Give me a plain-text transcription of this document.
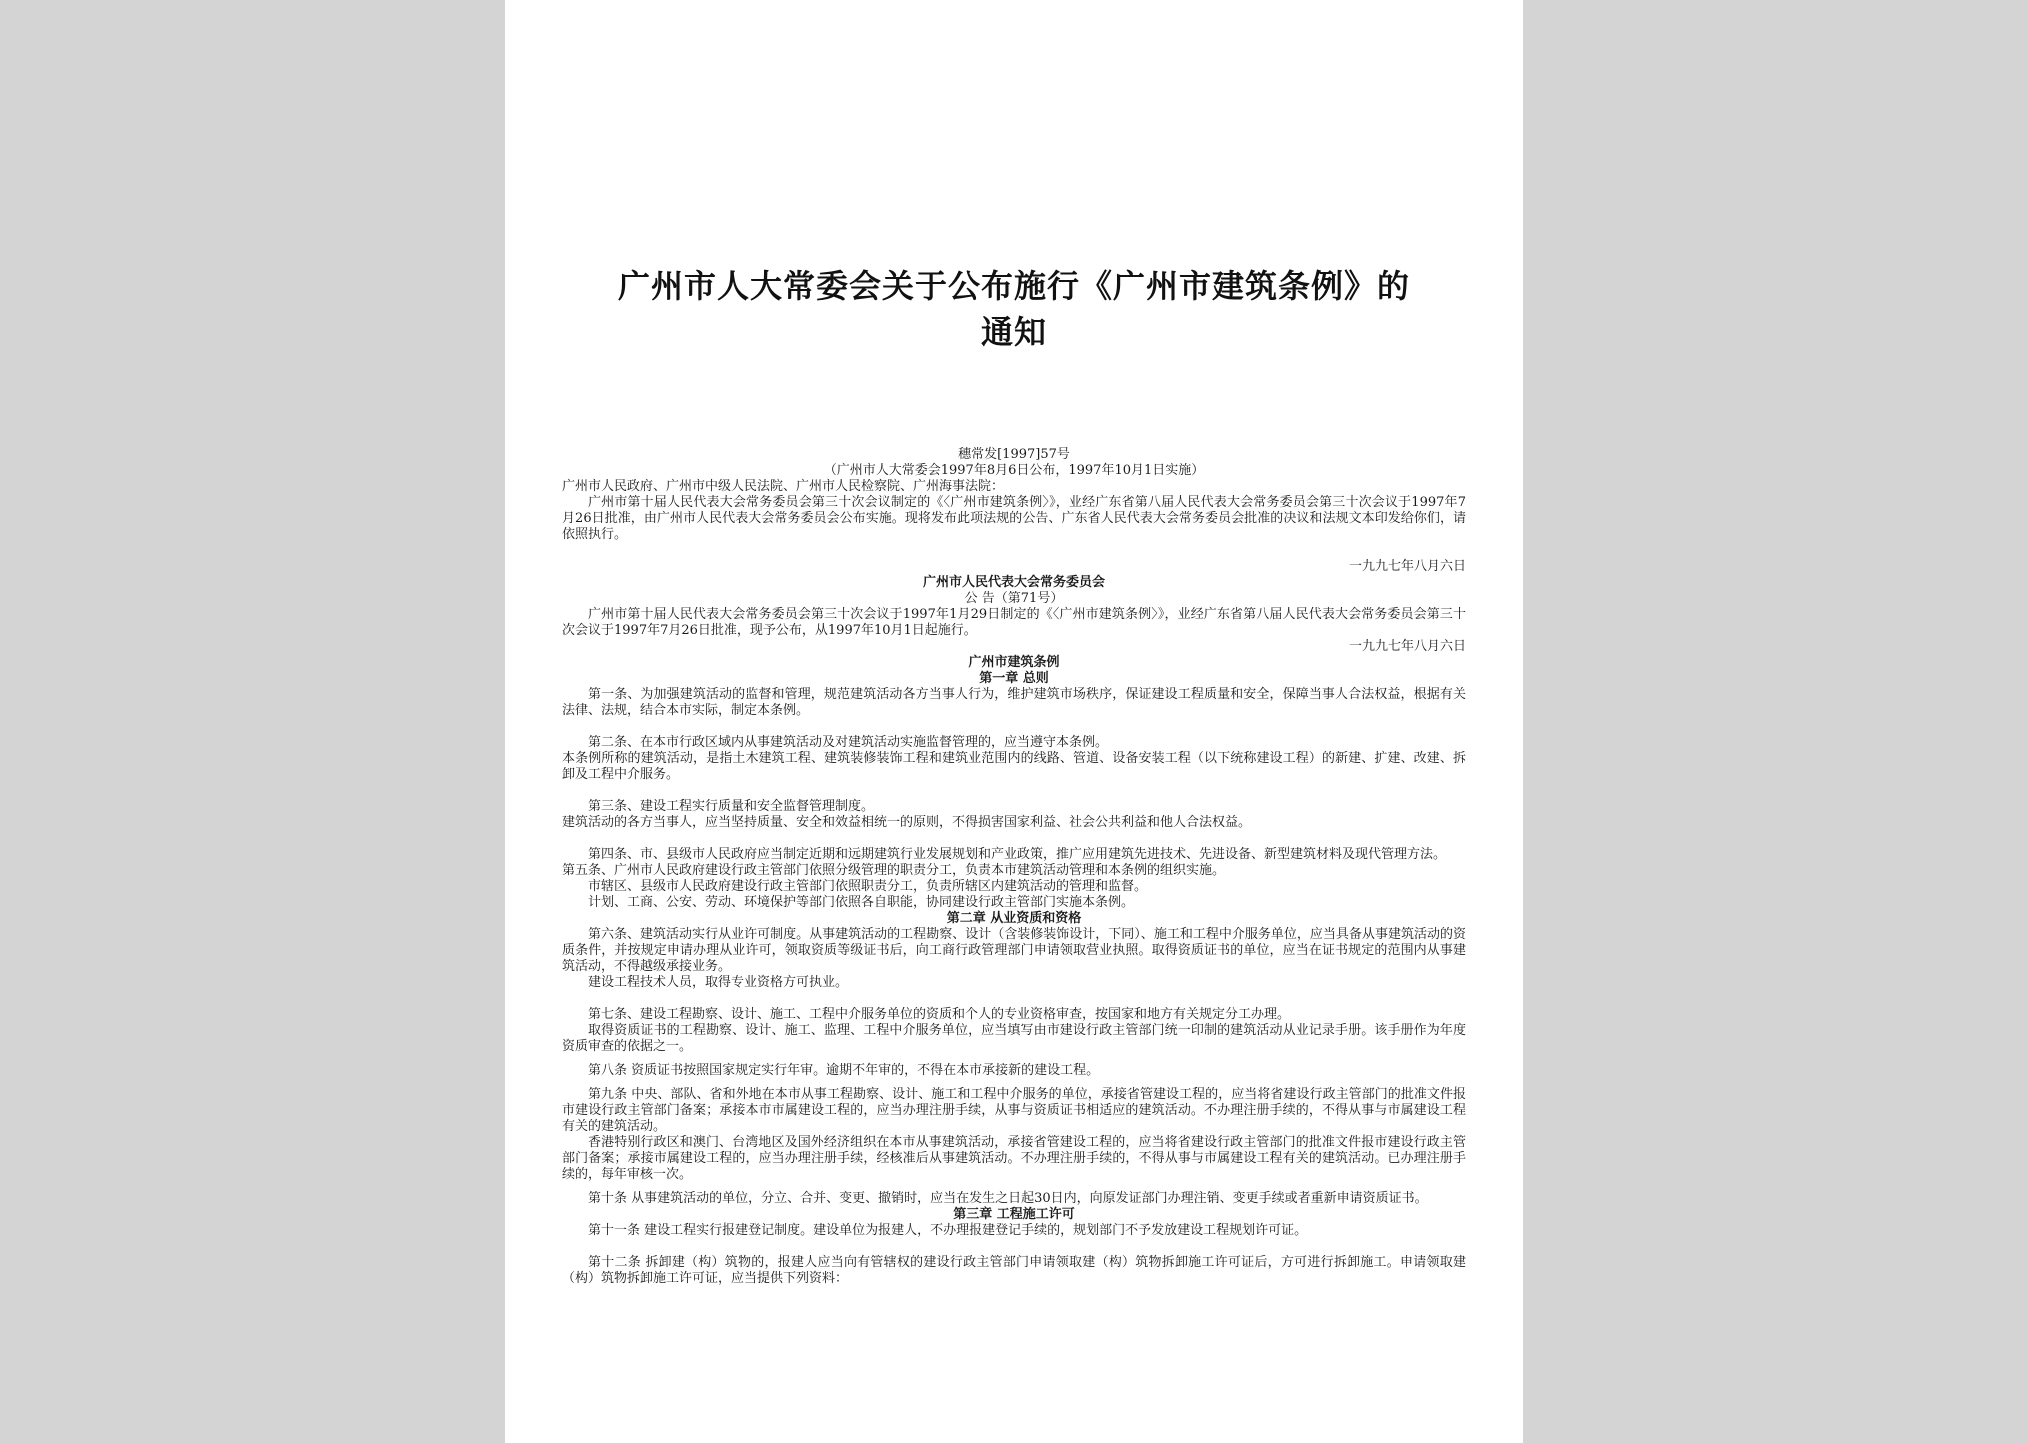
广州市人大常委会关于公布施行《广州市建筑条例》的
通知
穗常发[1997]57号
（广州市人大常委会1997年8月6日公布，1997年10月1日实施）

广州市人民政府、广州市中级人民法院、广州市人民检察院、广州海事法院：

广州市第十届人民代表大会常务委员会第三十次会议制定的《〈广州市建筑条例〉》，业经广东省第八届人民代表大会常务委员会第三十次会议于1997年7月26日批准，由广州市人民代表大会常务委员会公布实施。现将发布此项法规的公告、广东省人民代表大会常务委员会批准的决议和法规文本印发给你们，请依照执行。

一九九七年八月六日
广州市人民代表大会常务委员会
公 告（第71号）

广州市第十届人民代表大会常务委员会第三十次会议于1997年1月29日制定的《〈广州市建筑条例〉》，业经广东省第八届人民代表大会常务委员会第三十次会议于1997年7月26日批准，现予公布，从1997年10月1日起施行。

一九九七年八月六日
广州市建筑条例
第一章 总则

第一条、为加强建筑活动的监督和管理，规范建筑活动各方当事人行为，维护建筑市场秩序，保证建设工程质量和安全，保障当事人合法权益，根据有关法律、法规，结合本市实际，制定本条例。

第二条、在本市行政区域内从事建筑活动及对建筑活动实施监督管理的，应当遵守本条例。

本条例所称的建筑活动，是指土木建筑工程、建筑装修装饰工程和建筑业范围内的线路、管道、设备安装工程（以下统称建设工程）的新建、扩建、改建、拆卸及工程中介服务。

第三条、建设工程实行质量和安全监督管理制度。

建筑活动的各方当事人，应当坚持质量、安全和效益相统一的原则，不得损害国家利益、社会公共利益和他人合法权益。

第四条、市、县级市人民政府应当制定近期和远期建筑行业发展规划和产业政策，推广应用建筑先进技术、先进设备、新型建筑材料及现代管理方法。

第五条、广州市人民政府建设行政主管部门依照分级管理的职责分工，负责本市建筑活动管理和本条例的组织实施。

市辖区、县级市人民政府建设行政主管部门依照职责分工，负责所辖区内建筑活动的管理和监督。

计划、工商、公安、劳动、环境保护等部门依照各自职能，协同建设行政主管部门实施本条例。

第二章 从业资质和资格

第六条、建筑活动实行从业许可制度。从事建筑活动的工程勘察、设计（含装修装饰设计，下同）、施工和工程中介服务单位，应当具备从事建筑活动的资质条件，并按规定申请办理从业许可，领取资质等级证书后，向工商行政管理部门申请领取营业执照。取得资质证书的单位，应当在证书规定的范围内从事建筑活动，不得越级承接业务。

建设工程技术人员，取得专业资格方可执业。

第七条、建设工程勘察、设计、施工、工程中介服务单位的资质和个人的专业资格审查，按国家和地方有关规定分工办理。

取得资质证书的工程勘察、设计、施工、监理、工程中介服务单位，应当填写由市建设行政主管部门统一印制的建筑活动从业记录手册。该手册作为年度资质审查的依据之一。

第八条 资质证书按照国家规定实行年审。逾期不年审的，不得在本市承接新的建设工程。

第九条 中央、部队、省和外地在本市从事工程勘察、设计、施工和工程中介服务的单位，承接省管建设工程的，应当将省建设行政主管部门的批准文件报市建设行政主管部门备案；承接本市市属建设工程的，应当办理注册手续，从事与资质证书相适应的建筑活动。不办理注册手续的，不得从事与市属建设工程有关的建筑活动。

香港特别行政区和澳门、台湾地区及国外经济组织在本市从事建筑活动，承接省管建设工程的，应当将省建设行政主管部门的批准文件报市建设行政主管部门备案；承接市属建设工程的，应当办理注册手续，经核准后从事建筑活动。不办理注册手续的，不得从事与市属建设工程有关的建筑活动。已办理注册手续的，每年审核一次。

第十条 从事建筑活动的单位，分立、合并、变更、撤销时，应当在发生之日起30日内，向原发证部门办理注销、变更手续或者重新申请资质证书。

第三章 工程施工许可

第十一条 建设工程实行报建登记制度。建设单位为报建人，不办理报建登记手续的，规划部门不予发放建设工程规划许可证。

第十二条 拆卸建（构）筑物的，报建人应当向有管辖权的建设行政主管部门申请领取建（构）筑物拆卸施工许可证后，方可进行拆卸施工。申请领取建（构）筑物拆卸施工许可证，应当提供下列资料：
